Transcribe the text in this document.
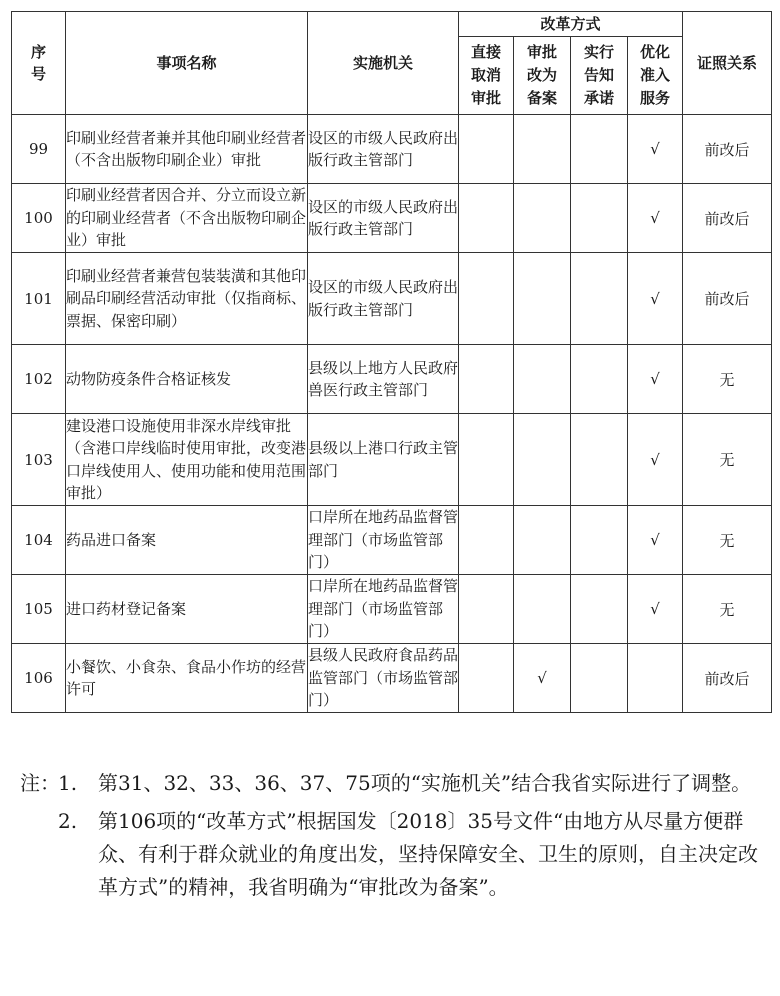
序号	事项名称	实施机关	改革方式				证照关系
			直接取消审批	审批改为备案	实行告知承诺	优化准入服务	
99	印刷业经营者兼并其他印刷业经营者（不含出版物印刷企业）审批	设区的市级人民政府出版行政主管部门				√	前改后
100	印刷业经营者因合并、分立而设立新的印刷业经营者（不含出版物印刷企业）审批	设区的市级人民政府出版行政主管部门				√	前改后
101	印刷业经营者兼营包装装潢和其他印刷品印刷经营活动审批（仅指商标、票据、保密印刷）	设区的市级人民政府出版行政主管部门				√	前改后
102	动物防疫条件合格证核发	县级以上地方人民政府兽医行政主管部门				√	无
103	建设港口设施使用非深水岸线审批（含港口岸线临时使用审批，改变港口岸线使用人、使用功能和使用范围审批）	县级以上港口行政主管部门				√	无
104	药品进口备案	口岸所在地药品监督管理部门（市场监管部门）				√	无
105	进口药材登记备案	口岸所在地药品监督管理部门（市场监管部门）				√	无
106	小餐饮、小食杂、食品小作坊的经营许可	县级人民政府食品药品监管部门（市场监管部门）		√			前改后
注：
1. 第31、32、33、36、37、75项的“实施机关”结合我省实际进行了调整。
2. 第106项的“改革方式”根据国发〔2018〕35号文件“由地方从尽量方便群众、有利于群众就业的角度出发，坚持保障安全、卫生的原则，自主决定改革方式”的精神，我省明确为“审批改为备案”。
